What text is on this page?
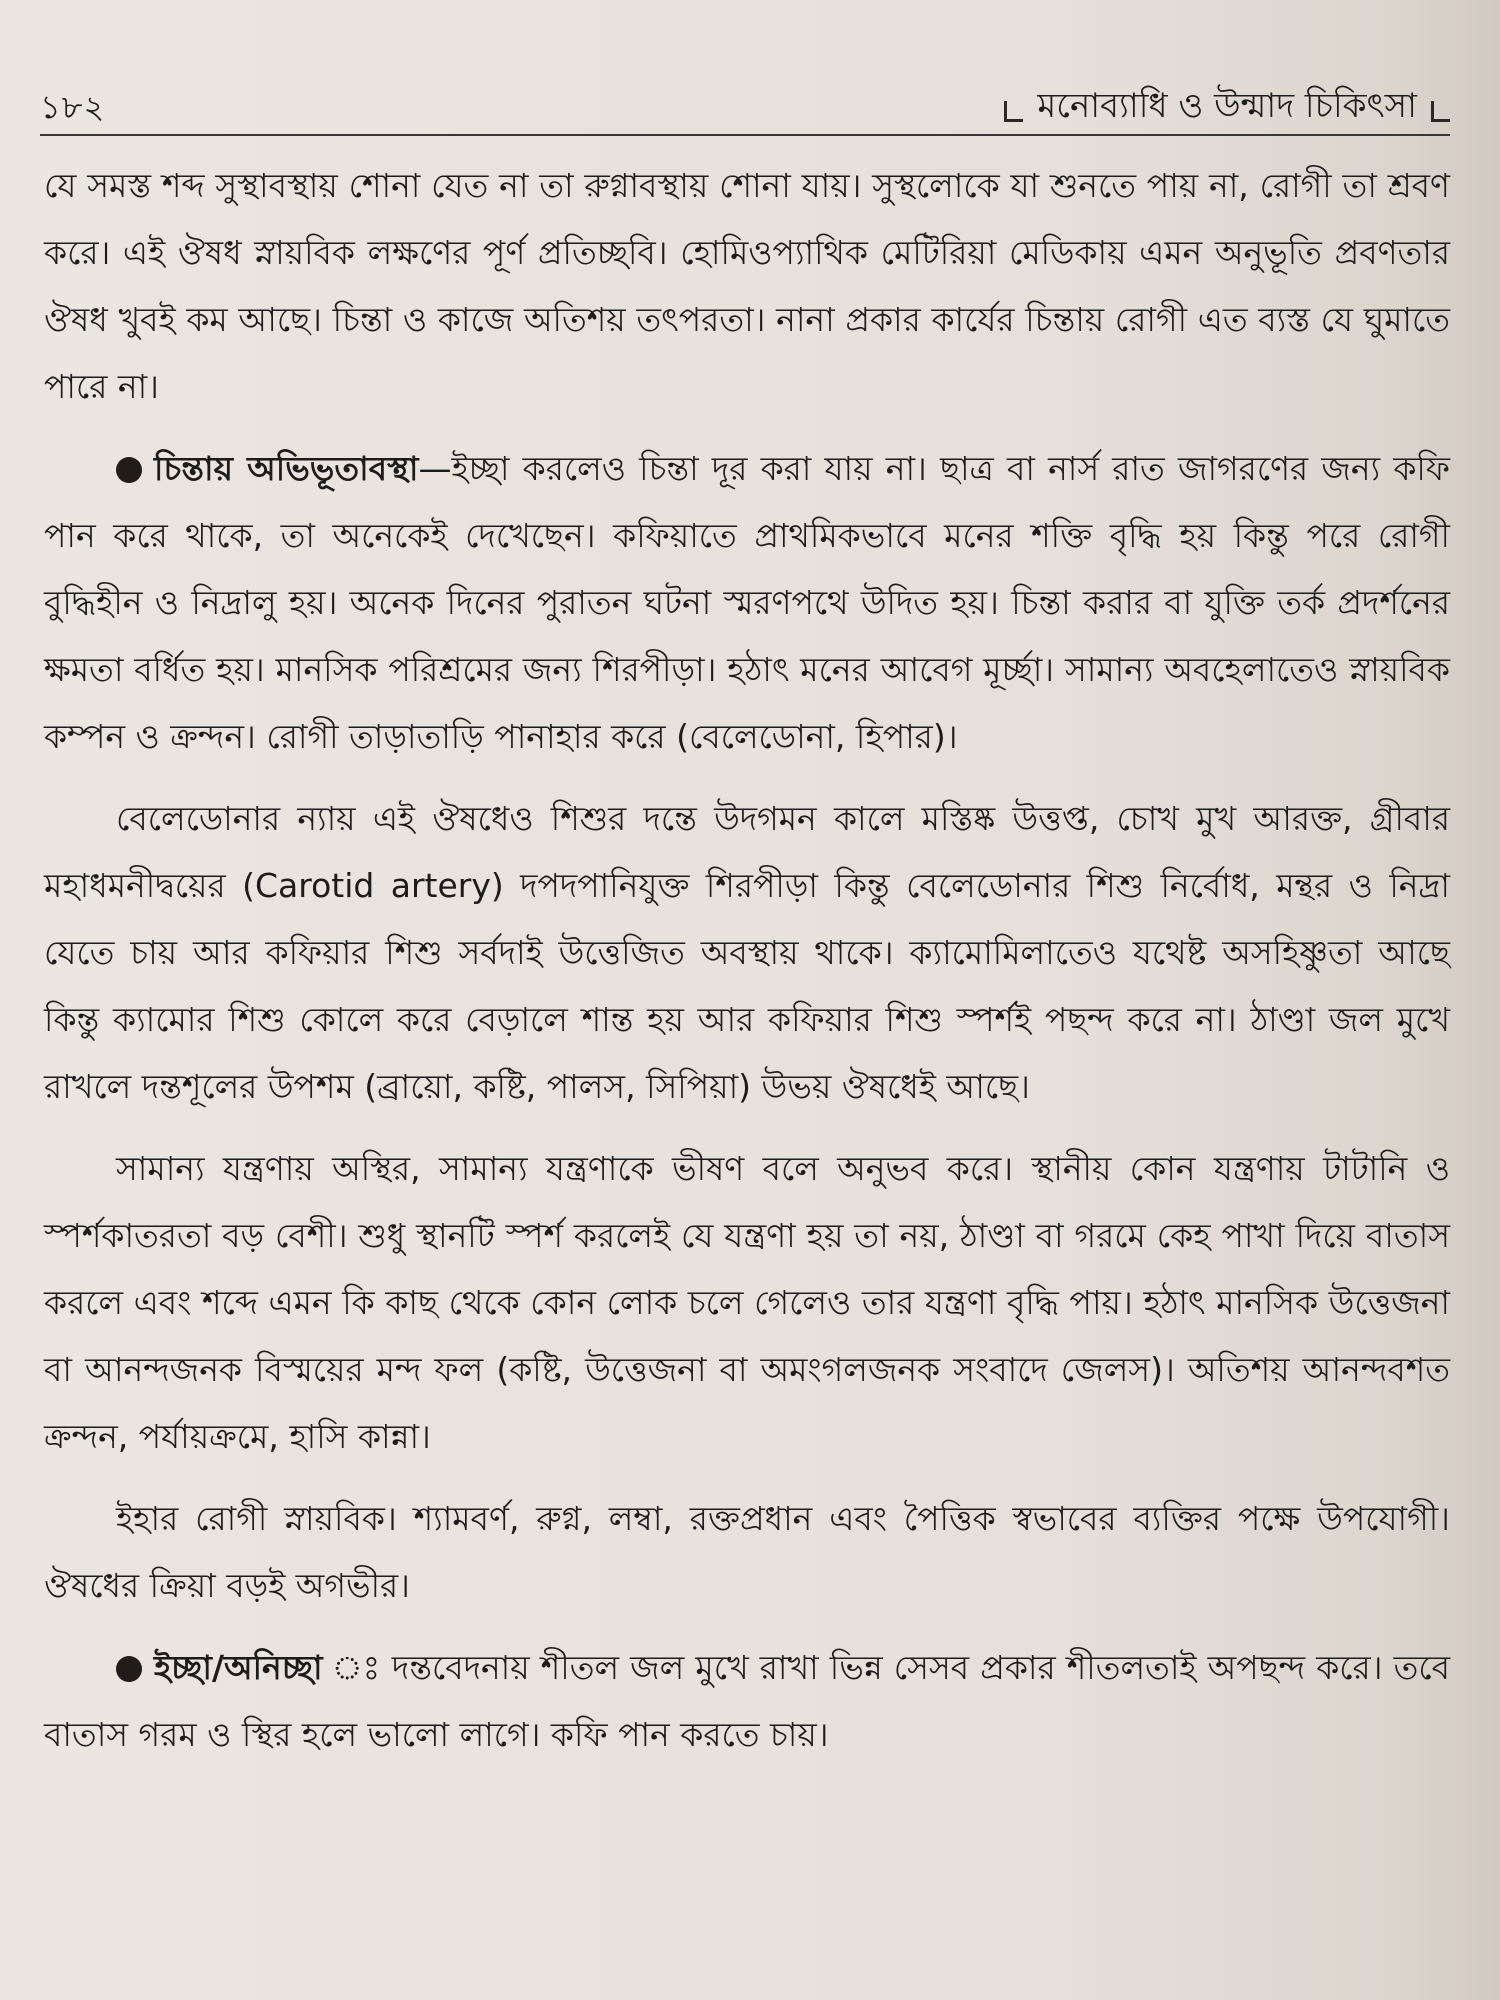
১৮২	মনোব্যাধি ও উন্মাদ চিকিৎসা

যে সমস্ত শব্দ সুস্থাবস্থায় শোনা যেত না তা রুগ্নাবস্থায় শোনা যায়। সুস্থলোকে যা শুনতে পায় না, রোগী তা শ্রবণ করে। এই ঔষধ স্নায়বিক লক্ষণের পূর্ণ প্রতিচ্ছবি। হোমিওপ্যাথিক মেটিরিয়া মেডিকায় এমন অনুভূতি প্রবণতার ঔষধ খুবই কম আছে। চিন্তা ও কাজে অতিশয় তৎপরতা। নানা প্রকার কার্যের চিন্তায় রোগী এত ব্যস্ত যে ঘুমাতে পারে না।

চিন্তায় অভিভূতাবস্থা—ইচ্ছা করলেও চিন্তা দূর করা যায় না। ছাত্র বা নার্স রাত জাগরণের জন্য কফি পান করে থাকে, তা অনেকেই দেখেছেন। কফিয়াতে প্রাথমিকভাবে মনের শক্তি বৃদ্ধি হয় কিন্তু পরে রোগী বুদ্ধিহীন ও নিদ্রালু হয়। অনেক দিনের পুরাতন ঘটনা স্মরণপথে উদিত হয়। চিন্তা করার বা যুক্তি তর্ক প্রদর্শনের ক্ষমতা বর্ধিত হয়। মানসিক পরিশ্রমের জন্য শিরপীড়া। হঠাৎ মনের আবেগ মূর্চ্ছা। সামান্য অবহেলাতেও স্নায়বিক কম্পন ও ক্রন্দন। রোগী তাড়াতাড়ি পানাহার করে (বেলেডোনা, হিপার)।

বেলেডোনার ন্যায় এই ঔষধেও শিশুর দন্তে উদগমন কালে মস্তিষ্ক উত্তপ্ত, চোখ মুখ আরক্ত, গ্রীবার মহাধমনীদ্বয়ের (Carotid artery) দপদপানিযুক্ত শিরপীড়া কিন্তু বেলেডোনার শিশু নির্বোধ, মন্থর ও নিদ্রা যেতে চায় আর কফিয়ার শিশু সর্বদাই উত্তেজিত অবস্থায় থাকে। ক্যামোমিলাতেও যথেষ্ট অসহিষ্ণুতা আছে কিন্তু ক্যামোর শিশু কোলে করে বেড়ালে শান্ত হয় আর কফিয়ার শিশু স্পর্শই পছন্দ করে না। ঠাণ্ডা জল মুখে রাখলে দন্তশূলের উপশম (ব্রায়ো, কষ্টি, পালস, সিপিয়া) উভয় ঔষধেই আছে।

সামান্য যন্ত্রণায় অস্থির, সামান্য যন্ত্রণাকে ভীষণ বলে অনুভব করে। স্থানীয় কোন যন্ত্রণায় টাটানি ও স্পর্শকাতরতা বড় বেশী। শুধু স্থানটি স্পর্শ করলেই যে যন্ত্রণা হয় তা নয়, ঠাণ্ডা বা গরমে কেহ পাখা দিয়ে বাতাস করলে এবং শব্দে এমন কি কাছ থেকে কোন লোক চলে গেলেও তার যন্ত্রণা বৃদ্ধি পায়। হঠাৎ মানসিক উত্তেজনা বা আনন্দজনক বিস্ময়ের মন্দ ফল (কষ্টি, উত্তেজনা বা অমংগলজনক সংবাদে জেলস)। অতিশয় আনন্দবশত ক্রন্দন, পর্যায়ক্রমে, হাসি কান্না।

ইহার রোগী স্নায়বিক। শ্যামবর্ণ, রুগ্ন, লম্বা, রক্তপ্রধান এবং পৈত্তিক স্বভাবের ব্যক্তির পক্ষে উপযোগী। ঔষধের ক্রিয়া বড়ই অগভীর।

ইচ্ছা/অনিচ্ছা ঃ দন্তবেদনায় শীতল জল মুখে রাখা ভিন্ন সেসব প্রকার শীতলতাই অপছন্দ করে। তবে বাতাস গরম ও স্থির হলে ভালো লাগে। কফি পান করতে চায়।
